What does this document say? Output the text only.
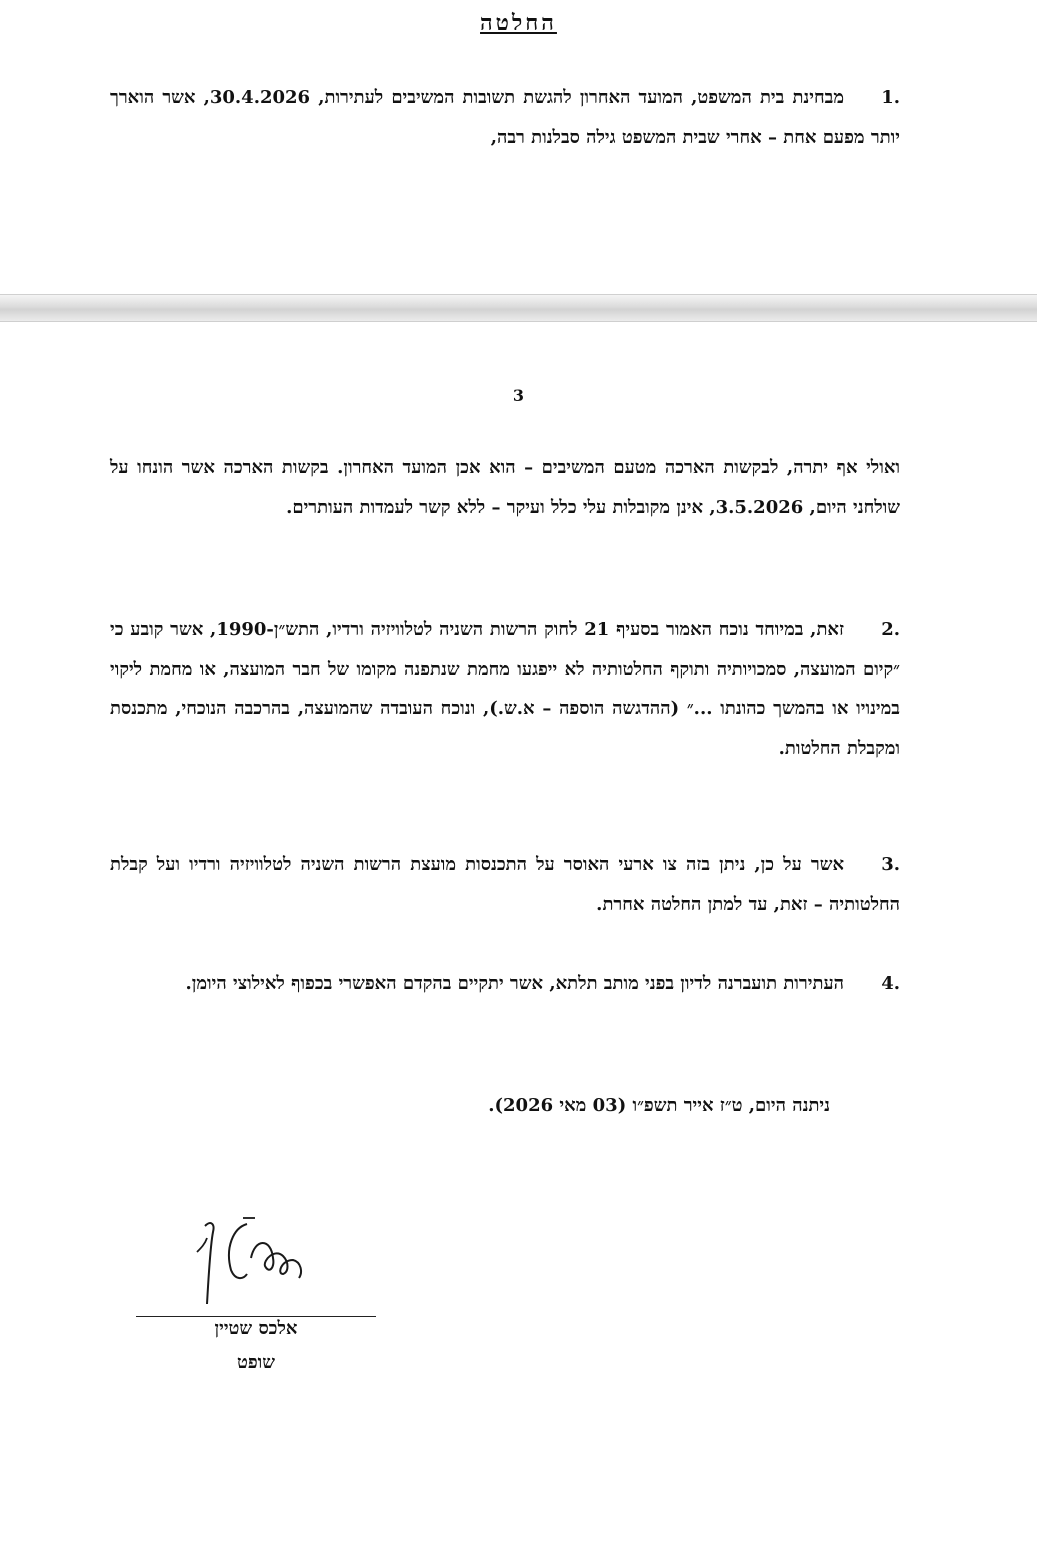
החלטה
.1מבחינת בית המשפט, המועד האחרון להגשת תשובות המשיבים לעתירות, 30.4.2026, אשר הוארך יותר מפעם אחת – אחרי שבית המשפט גילה סבלנות רבה,
3
ואולי אף יתרה, לבקשות הארכה מטעם המשיבים – הוא אכן המועד האחרון. בקשות הארכה אשר הונחו על שולחני היום, 3.5.2026, אינן מקובלות עלי כלל ועיקר – ללא קשר לעמדות העותרים.
.2זאת, במיוחד נוכח האמור בסעיף 21 לחוק הרשות השניה לטלוויזיה ורדיו, התש״ן-1990, אשר קובע כי ״קיום המועצה, סמכויותיה ותוקף החלטותיה לא ייפגעו מחמת שנתפנה מקומו של חבר המועצה, או מחמת ליקוי במינויו או בהמשך כהונתו ...״ (ההדגשה הוספה – א.ש.), ונוכח העובדה שהמועצה, בהרכבה הנוכחי, מתכנסת ומקבלת החלטות.
.3אשר על כן, ניתן בזה צו ארעי האוסר על התכנסות מועצת הרשות השניה לטלוויזיה ורדיו ועל קבלת החלטותיה – זאת, עד למתן החלטה אחרת.
.4העתירות תועברנה לדיון בפני מותב תלתא, אשר יתקיים בהקדם האפשרי בכפוף לאילוצי היומן.
ניתנה היום, ט״ז אייר תשפ״ו (03 מאי 2026).
אלכס שטיין
שופט
